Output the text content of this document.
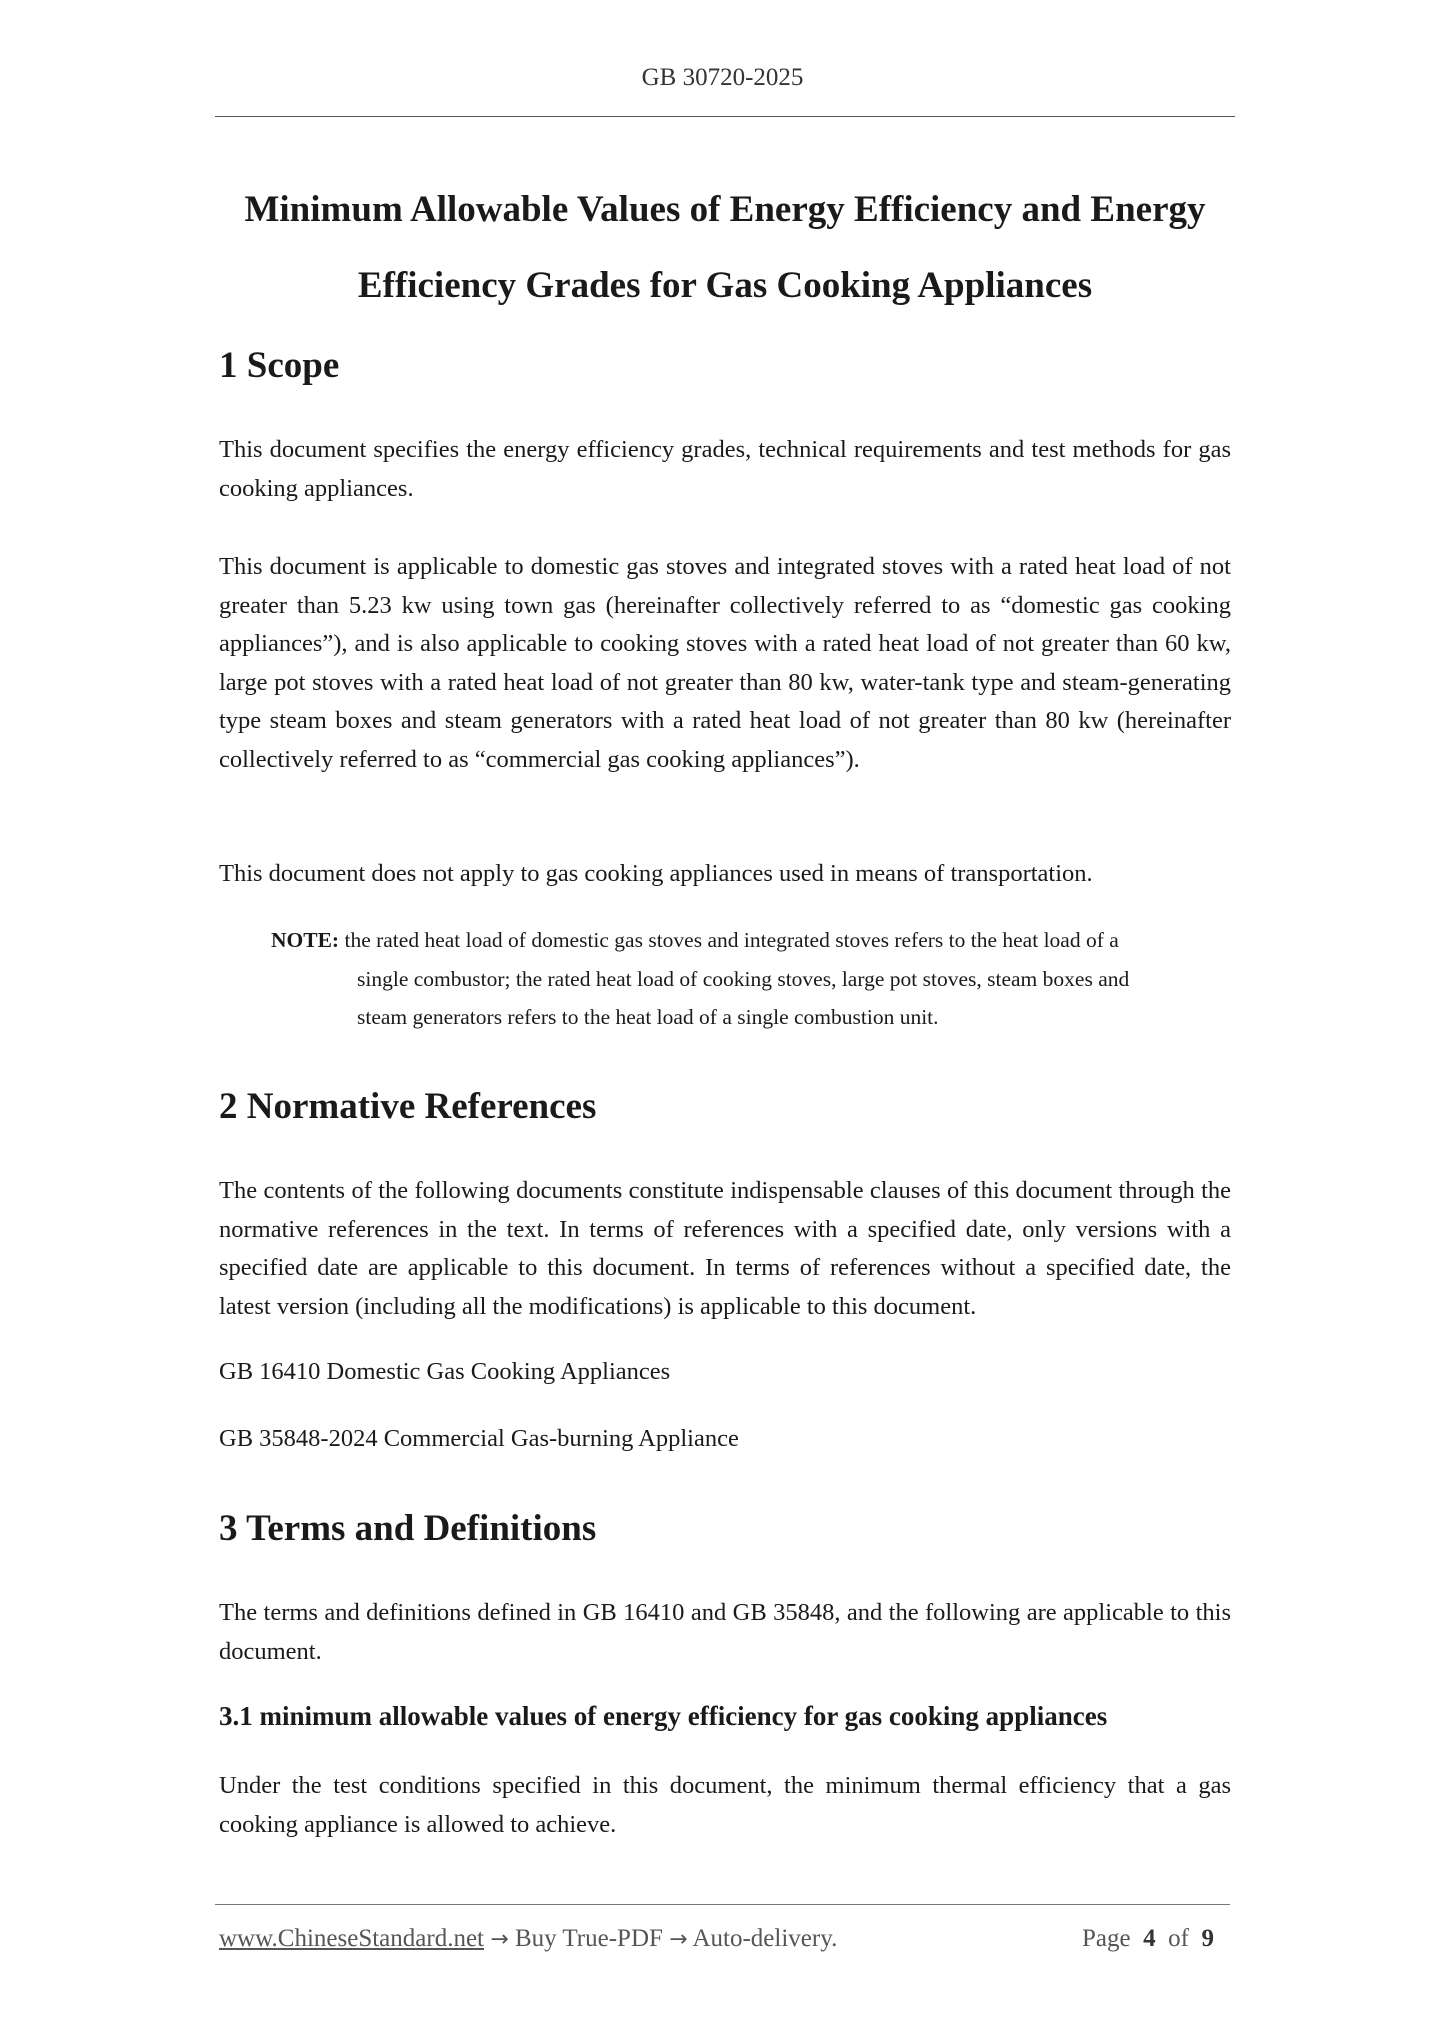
GB 30720-2025
Minimum Allowable Values of Energy Efficiency and Energy
Efficiency Grades for Gas Cooking Appliances
1 Scope
This document specifies the energy efficiency grades, technical requirements and test methods for gas cooking appliances.
This document is applicable to domestic gas stoves and integrated stoves with a rated heat load of not greater than 5.23 kw using town gas (hereinafter collectively referred to as “domestic gas cooking appliances”), and is also applicable to cooking stoves with a rated heat load of not greater than 60 kw, large pot stoves with a rated heat load of not greater than 80 kw, water-tank type and steam-generating type steam boxes and steam generators with a rated heat load of not greater than 80 kw (hereinafter collectively referred to as “commercial gas cooking appliances”).
This document does not apply to gas cooking appliances used in means of transportation.
NOTE: the rated heat load of domestic gas stoves and integrated stoves refers to the heat load of a
single combustor; the rated heat load of cooking stoves, large pot stoves, steam boxes and
steam generators refers to the heat load of a single combustion unit.
2 Normative References
The contents of the following documents constitute indispensable clauses of this document through the normative references in the text. In terms of references with a specified date, only versions with a specified date are applicable to this document. In terms of references without a specified date, the latest version (including all the modifications) is applicable to this document.
GB 16410 Domestic Gas Cooking Appliances
GB 35848-2024 Commercial Gas-burning Appliance
3 Terms and Definitions
The terms and definitions defined in GB 16410 and GB 35848, and the following are applicable to this document.
3.1 minimum allowable values of energy efficiency for gas cooking appliances
Under the test conditions specified in this document, the minimum thermal efficiency that a gas cooking appliance is allowed to achieve.
www.ChineseStandard.net → Buy True-PDF → Auto-delivery.	Page 4 of 9
